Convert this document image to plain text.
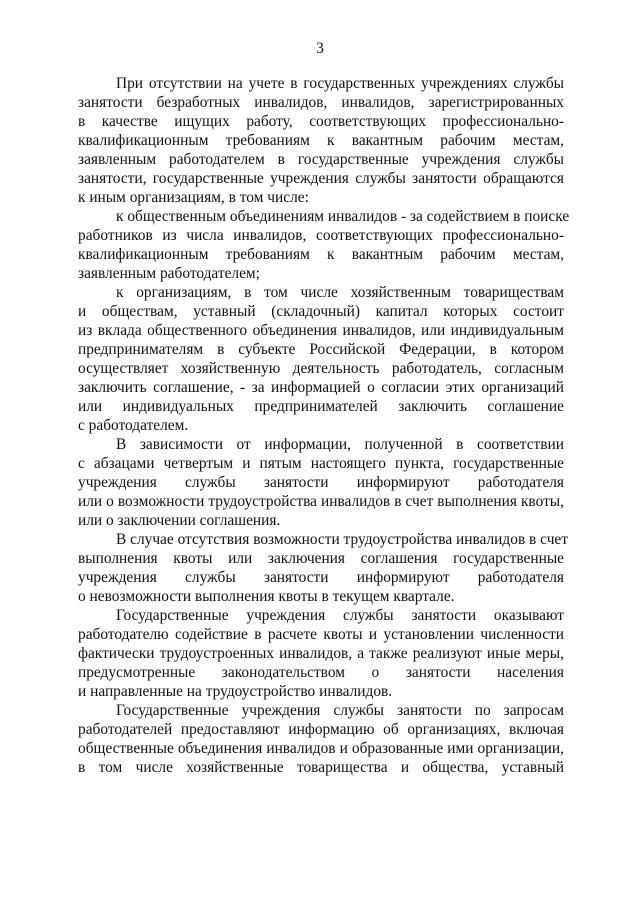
3
При отсутствии на учете в государственных учреждениях службы
занятости безработных инвалидов, инвалидов, зарегистрированных
в качестве ищущих работу, соответствующих профессионально-
квалификационным требованиям к вакантным рабочим местам,
заявленным работодателем в государственные учреждения службы
занятости, государственные учреждения службы занятости обращаются
к иным организациям, в том числе:
к общественным объединениям инвалидов - за содействием в поиске
работников из числа инвалидов, соответствующих профессионально-
квалификационным требованиям к вакантным рабочим местам,
заявленным работодателем;
к организациям, в том числе хозяйственным товариществам
и обществам, уставный (складочный) капитал которых состоит
из вклада общественного объединения инвалидов, или индивидуальным
предпринимателям в субъекте Российской Федерации, в котором
осуществляет хозяйственную деятельность работодатель, согласным
заключить соглашение, - за информацией о согласии этих организаций
или индивидуальных предпринимателей заключить соглашение
с работодателем.
В зависимости от информации, полученной в соответствии
с абзацами четвертым и пятым настоящего пункта, государственные
учреждения службы занятости информируют работодателя
или о возможности трудоустройства инвалидов в счет выполнения квоты,
или о заключении соглашения.
В случае отсутствия возможности трудоустройства инвалидов в счет
выполнения квоты или заключения соглашения государственные
учреждения службы занятости информируют работодателя
о невозможности выполнения квоты в текущем квартале.
Государственные учреждения службы занятости оказывают
работодателю содействие в расчете квоты и установлении численности
фактически трудоустроенных инвалидов, а также реализуют иные меры,
предусмотренные законодательством о занятости населения
и направленные на трудоустройство инвалидов.
Государственные учреждения службы занятости по запросам
работодателей предоставляют информацию об организациях, включая
общественные объединения инвалидов и образованные ими организации,
в том числе хозяйственные товарищества и общества, уставный
